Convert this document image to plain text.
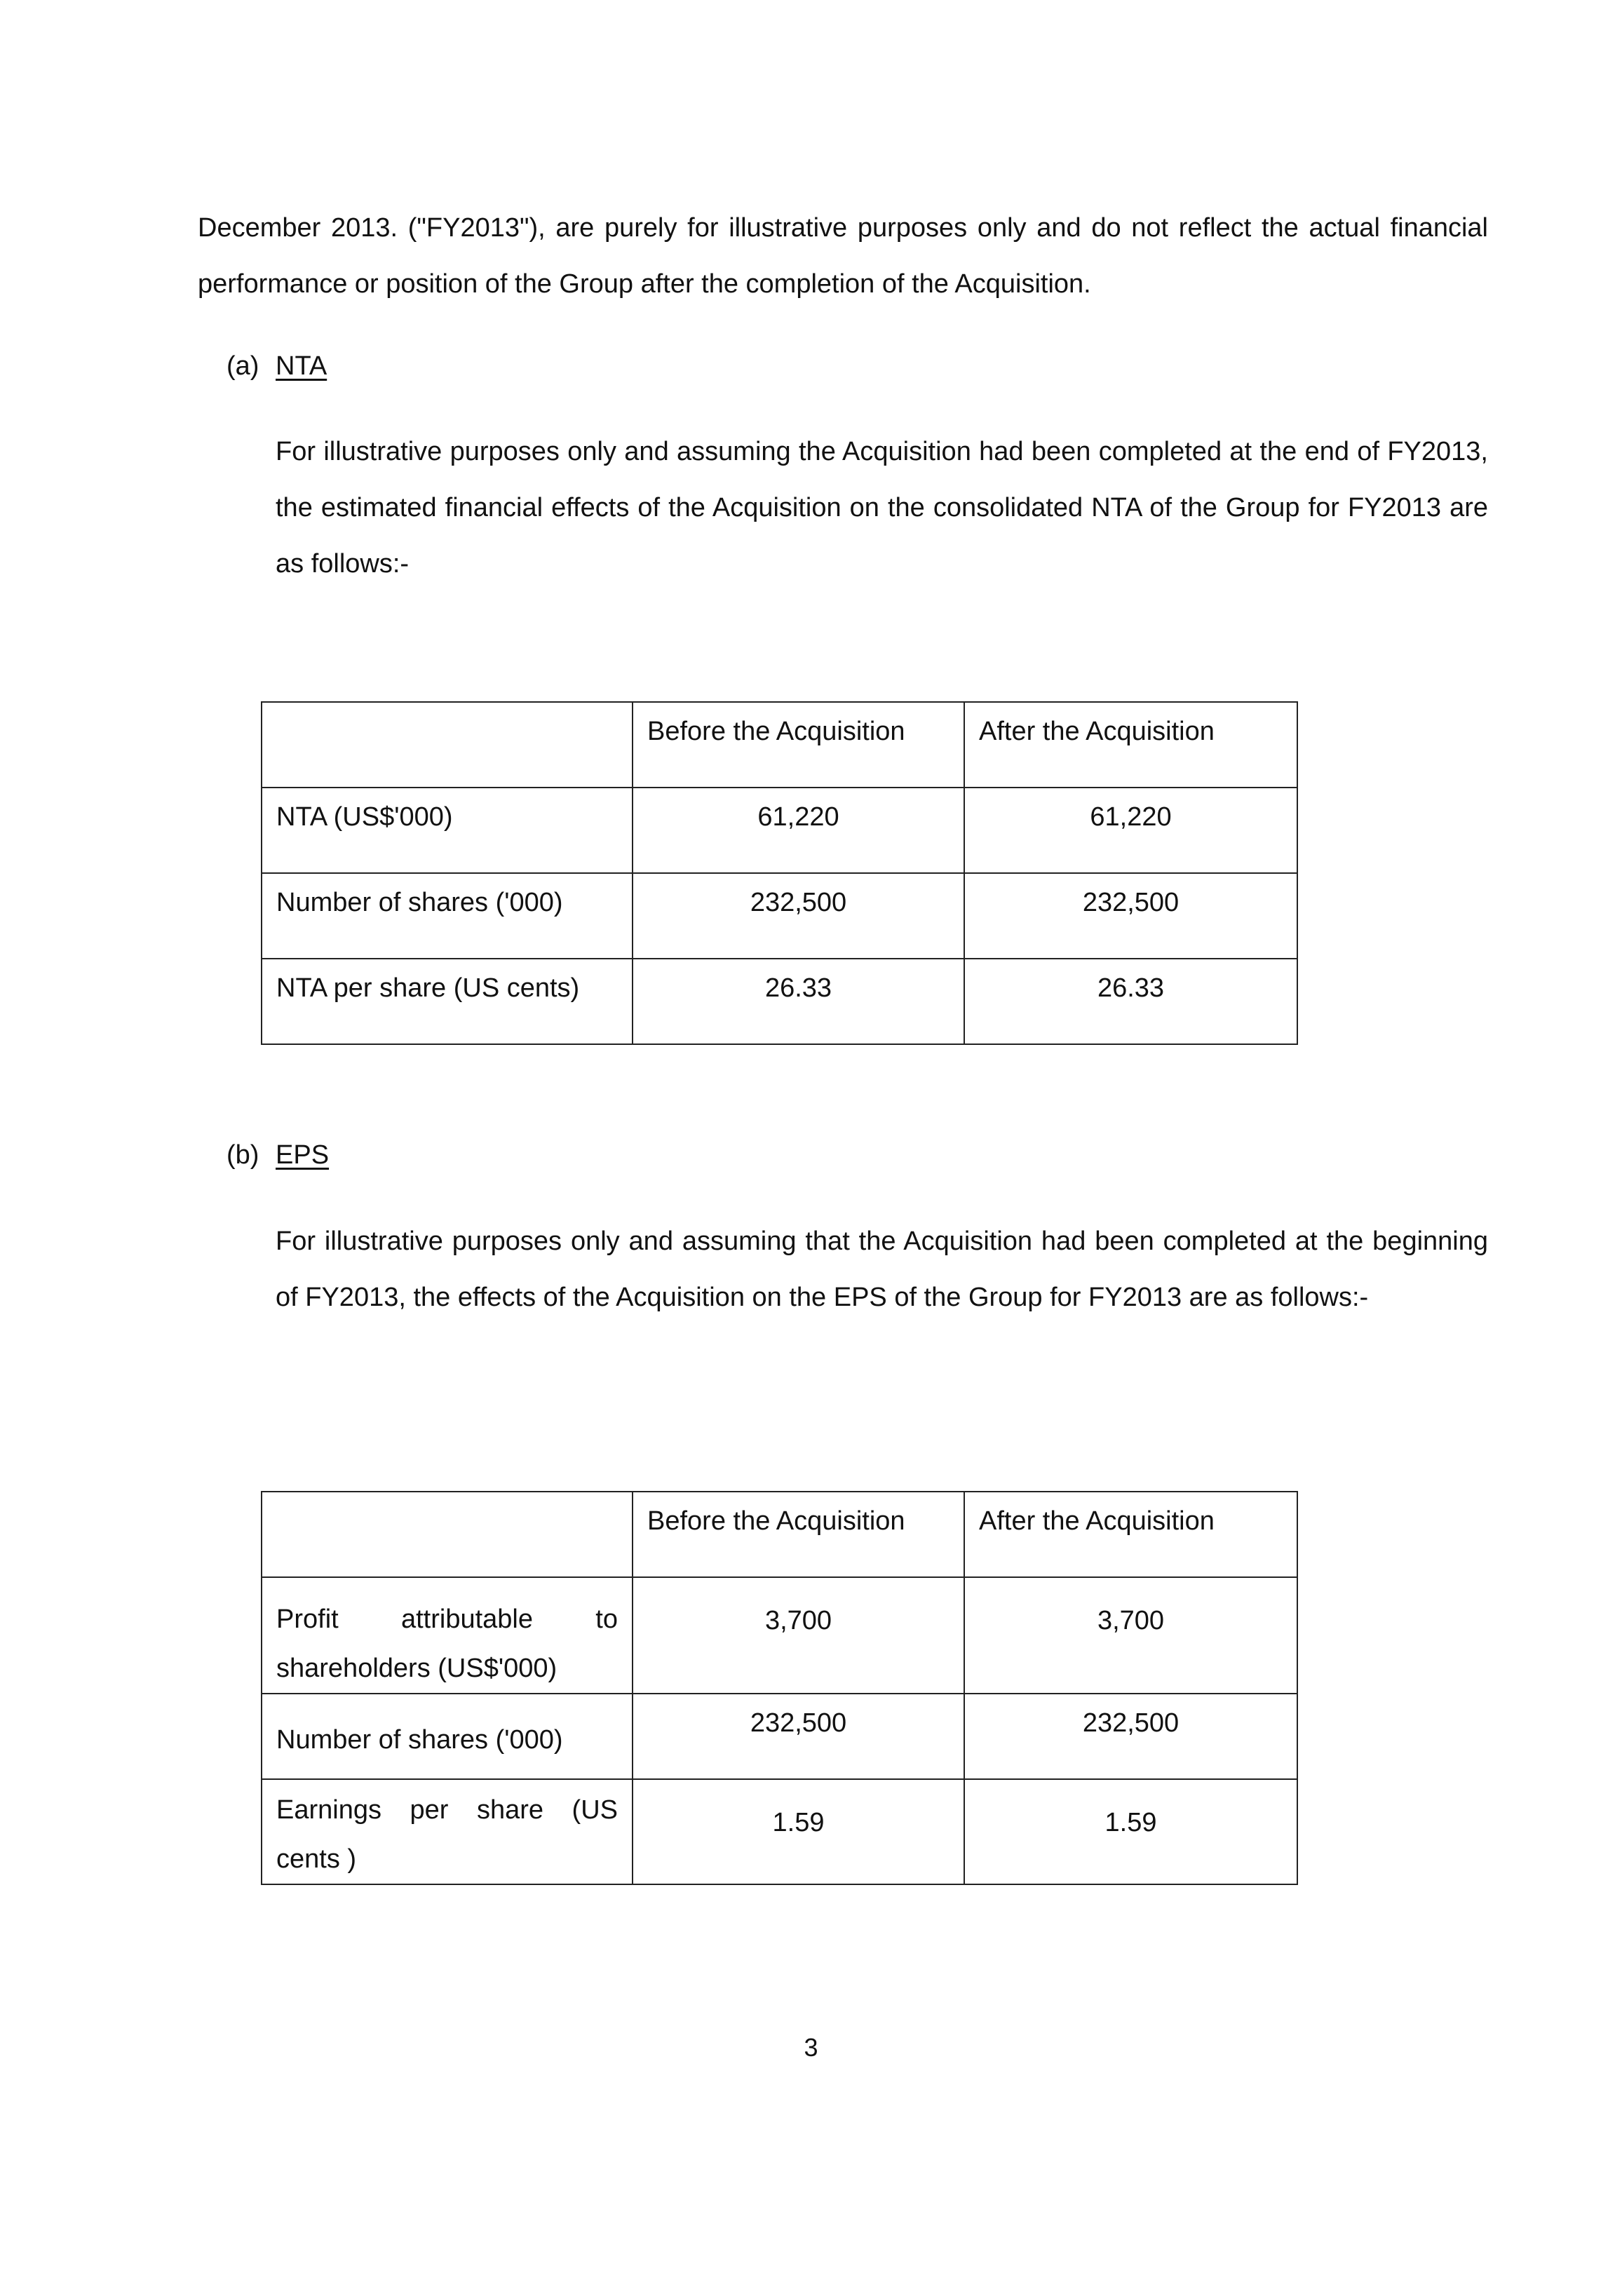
December 2013. ("FY2013"), are purely for illustrative purposes only and do not reflect the actual financial performance or position of the Group after the completion of the Acquisition.

(a) NTA

For illustrative purposes only and assuming the Acquisition had been completed at the end of FY2013, the estimated financial effects of the Acquisition on the consolidated NTA of the Group for FY2013 are as follows:-

	Before the Acquisition	After the Acquisition

NTA (US$'000)	61,220	61,220

Number of shares ('000)	232,500	232,500

NTA per share (US cents)	26.33	26.33

(b) EPS

For illustrative purposes only and assuming that the Acquisition had been completed at the beginning of FY2013, the effects of the Acquisition on the EPS of the Group for FY2013 are as follows:-

	Before the Acquisition	After the Acquisition

Profit attributable to shareholders (US$'000)	3,700	3,700

Number of shares ('000)	232,500	232,500

Earnings per share (US cents )	1.59	1.59
3
